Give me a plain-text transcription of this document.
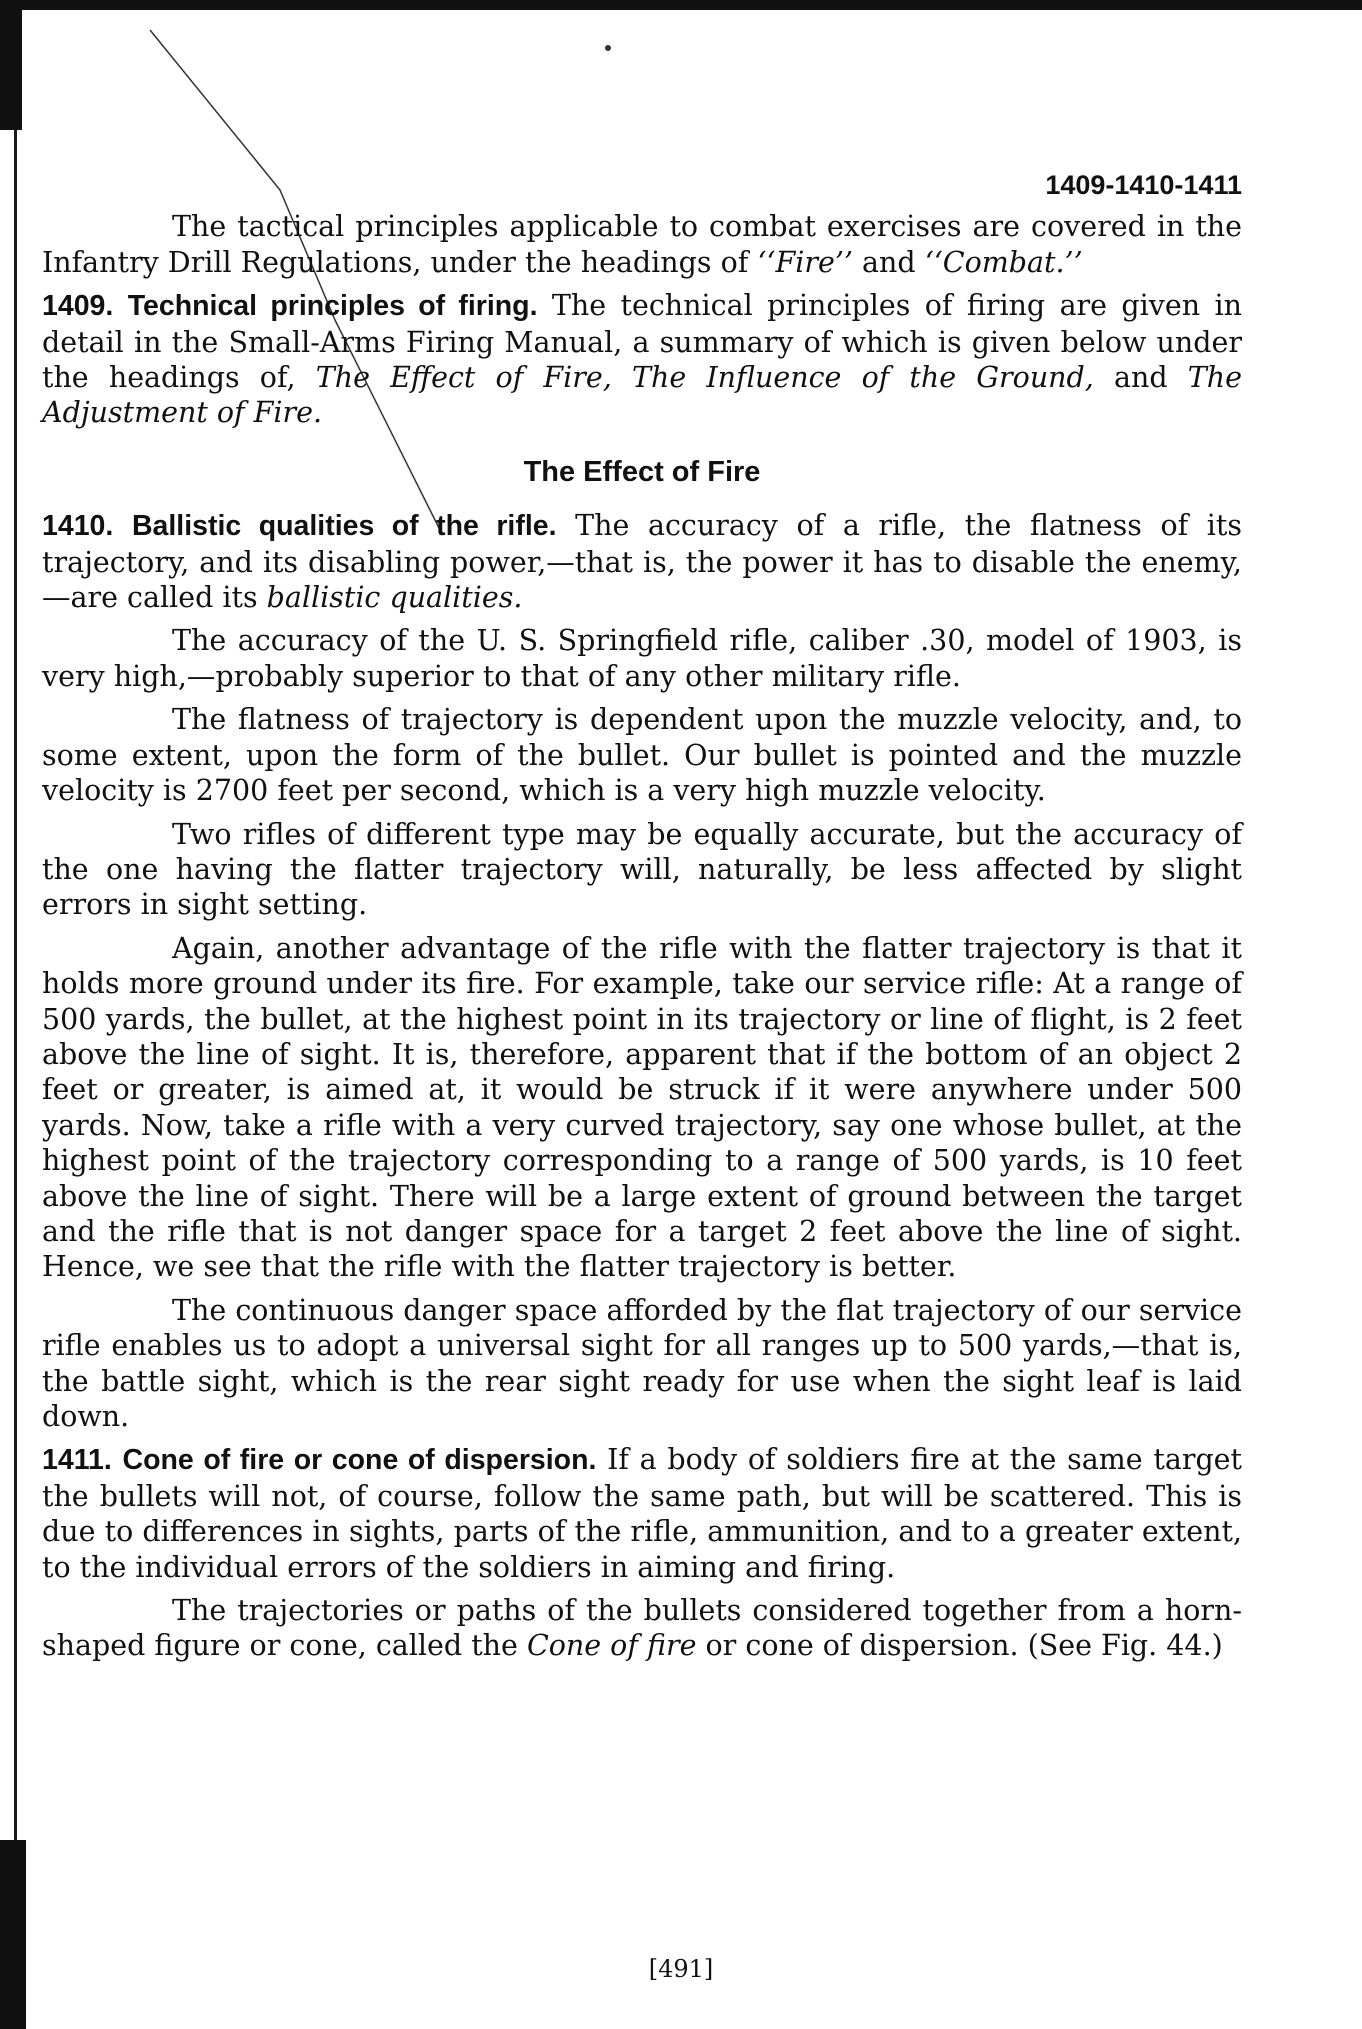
1409-1410-1411

The tactical principles applicable to combat exercises are covered in the Infantry Drill Regulations, under the headings of ‘‘Fire’’ and ‘‘Combat.’’

1409. Technical principles of firing. The technical principles of firing are given in detail in the Small-Arms Firing Manual, a summary of which is given below under the headings of, The Effect of Fire, The Influence of the Ground, and The Adjustment of Fire.

The Effect of Fire

1410. Ballistic qualities of the rifle. The accuracy of a rifle, the flatness of its trajectory, and its disabling power,—that is, the power it has to disable the enemy,—are called its ballistic qualities.

The accuracy of the U. S. Springfield rifle, caliber .30, model of 1903, is very high,—probably superior to that of any other military rifle.

The flatness of trajectory is dependent upon the muzzle velocity, and, to some extent, upon the form of the bullet. Our bullet is pointed and the muzzle velocity is 2700 feet per second, which is a very high muzzle velocity.

Two rifles of different type may be equally accurate, but the accuracy of the one having the flatter trajectory will, naturally, be less affected by slight errors in sight setting.

Again, another advantage of the rifle with the flatter trajectory is that it holds more ground under its fire. For example, take our service rifle: At a range of 500 yards, the bullet, at the highest point in its trajectory or line of flight, is 2 feet above the line of sight. It is, therefore, apparent that if the bottom of an object 2 feet or greater, is aimed at, it would be struck if it were anywhere under 500 yards. Now, take a rifle with a very curved trajectory, say one whose bullet, at the highest point of the trajectory corresponding to a range of 500 yards, is 10 feet above the line of sight. There will be a large extent of ground between the target and the rifle that is not danger space for a target 2 feet above the line of sight. Hence, we see that the rifle with the flatter trajectory is better.

The continuous danger space afforded by the flat trajectory of our service rifle enables us to adopt a universal sight for all ranges up to 500 yards,—that is, the battle sight, which is the rear sight ready for use when the sight leaf is laid down.

1411. Cone of fire or cone of dispersion. If a body of soldiers fire at the same target the bullets will not, of course, follow the same path, but will be scattered. This is due to differences in sights, parts of the rifle, ammunition, and to a greater extent, to the individual errors of the soldiers in aiming and firing.

The trajectories or paths of the bullets considered together from a horn-shaped figure or cone, called the Cone of fire or cone of dispersion. (See Fig. 44.)

[491]
